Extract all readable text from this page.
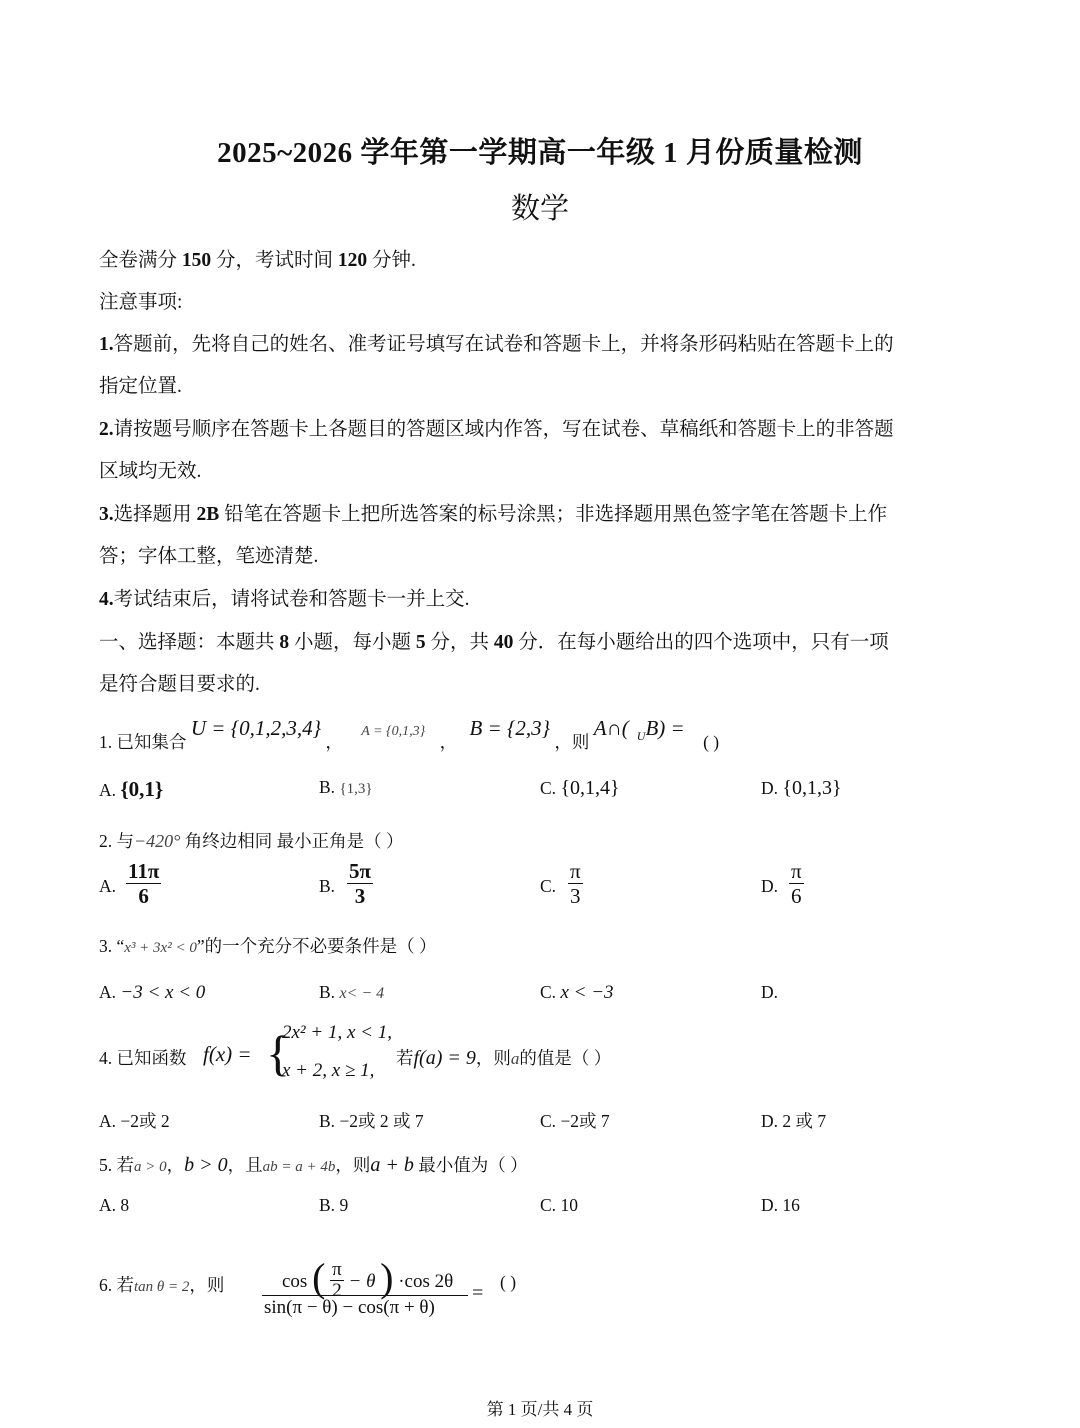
2025~2026 学年第一学期高一年级 1 月份质量检测
数学
全卷满分 150 分，考试时间 120 分钟.
注意事项:
1.答题前，先将自己的姓名、准考证号填写在试卷和答题卡上，并将条形码粘贴在答题卡上的
指定位置.
2.请按题号顺序在答题卡上各题目的答题区域内作答，写在试卷、草稿纸和答题卡上的非答题
区域均无效.
3.选择题用 2B 铅笔在答题卡上把所选答案的标号涂黑；非选择题用黑色签字笔在答题卡上作
答；字体工整，笔迹清楚.
4.考试结束后，请将试卷和答题卡一并上交.
一、选择题：本题共 8 小题，每小题 5 分，共 40 分．在每小题给出的四个选项中，只有一项
是符合题目要求的.
1. 已知集合 U = {0,1,2,3,4} ， $^{A = \{0,1,3\}}$ ， B = {2,3} ，则 A∩( $_U$B) = ( )
A. {0,1}	B. {1,3}	C. {0,1,4}	D. {0,1,3}
2. 与−420° 角终边相同 最小正角是（ ）
A. $\frac{11\pi}{6}$	B. $\frac{5\pi}{3}$	C. $\frac{\pi}{3}$	D. $\frac{\pi}{6}$
3. “x³ + 3x² < 0”的一个充分不必要条件是（ ）
A. −3 < x < 0	B. x< − 4	C. x < −3	D.
4. 已知函数 f(x) = {
2x² + 1, x < 1,
x + 2, x ≥ 1,
若f(a) = 9，则a的值是（ ）
A. −2或 2	B. −2或 2 或 7	C. −2或 7	D. 2 或 7
5. 若a > 0，b > 0，且ab = a + 4b，则a + b 最小值为（ ）
A. 8	B. 9	C. 10	D. 16
6. 若tan θ = 2，则	cos ( $\frac{\pi}{2} - \theta$ ) ·cos 2θ
sin(π − θ) − cos(π + θ)
= ( )
第 1 页/共 4 页
